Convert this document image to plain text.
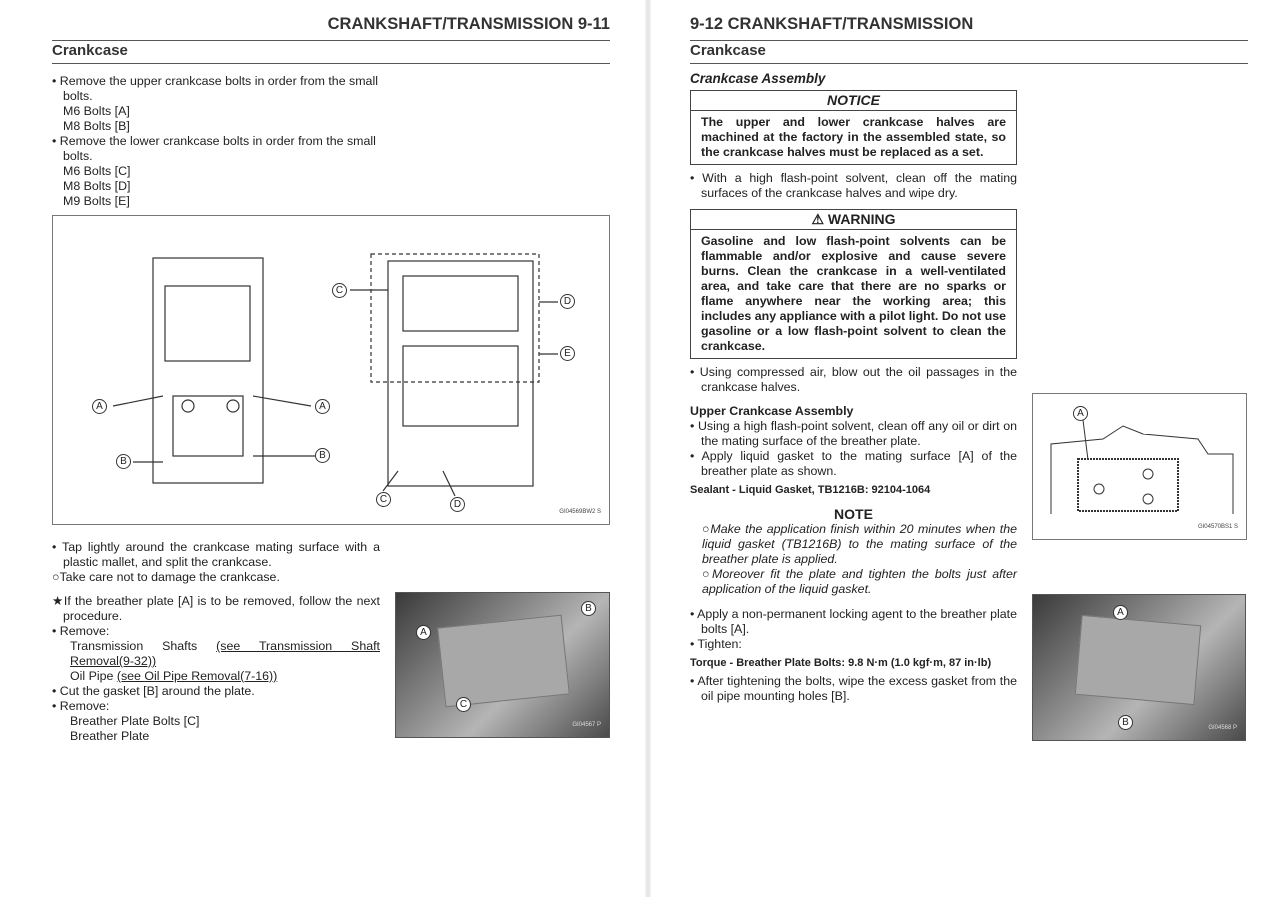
CRANKSHAFT/TRANSMISSION 9-11
Crankcase
• Remove the upper crankcase bolts in order from the small bolts.
M6 Bolts [A]
M8 Bolts [B]
• Remove the lower crankcase bolts in order from the small bolts.
M6 Bolts [C]
M8 Bolts [D]
M9 Bolts [E]
A	A
B
B
C
D
E
C	D
GI04569BW2 S
• Tap lightly around the crankcase mating surface with a plastic mallet, and split the crankcase.
○Take care not to damage the crankcase.
★If the breather plate [A] is to be removed, follow the next procedure.
• Remove:
Transmission Shafts (see Transmission Shaft Removal(9-32))
Oil Pipe (see Oil Pipe Removal(7-16))
• Cut the gasket [B] around the plate.
• Remove:
Breather Plate Bolts [C]
Breather Plate
A
B
C
GI04567 P
9-12 CRANKSHAFT/TRANSMISSION
Crankcase
Crankcase Assembly
NOTICE
The upper and lower crankcase halves are machined at the factory in the assembled state, so the crankcase halves must be replaced as a set.
• With a high flash-point solvent, clean off the mating surfaces of the crankcase halves and wipe dry.
⚠ WARNING
Gasoline and low flash-point solvents can be flammable and/or explosive and cause severe burns. Clean the crankcase in a well-ventilated area, and take care that there are no sparks or flame anywhere near the working area; this includes any appliance with a pilot light. Do not use gasoline or a low flash-point solvent to clean the crankcase.
• Using compressed air, blow out the oil passages in the crankcase halves.
Upper Crankcase Assembly
• Using a high flash-point solvent, clean off any oil or dirt on the mating surface of the breather plate.
• Apply liquid gasket to the mating surface [A] of the breather plate as shown.
Sealant - Liquid Gasket, TB1216B: 92104-1064
NOTE
○Make the application finish within 20 minutes when the liquid gasket (TB1216B) to the mating surface of the breather plate is applied.
○Moreover fit the plate and tighten the bolts just after application of the liquid gasket.
• Apply a non-permanent locking agent to the breather plate bolts [A].
• Tighten:
Torque - Breather Plate Bolts: 9.8 N·m (1.0 kgf·m, 87 in·lb)
• After tightening the bolts, wipe the excess gasket from the oil pipe mounting holes [B].
A
GI04570BS1 S
A
B	GI04568 P
